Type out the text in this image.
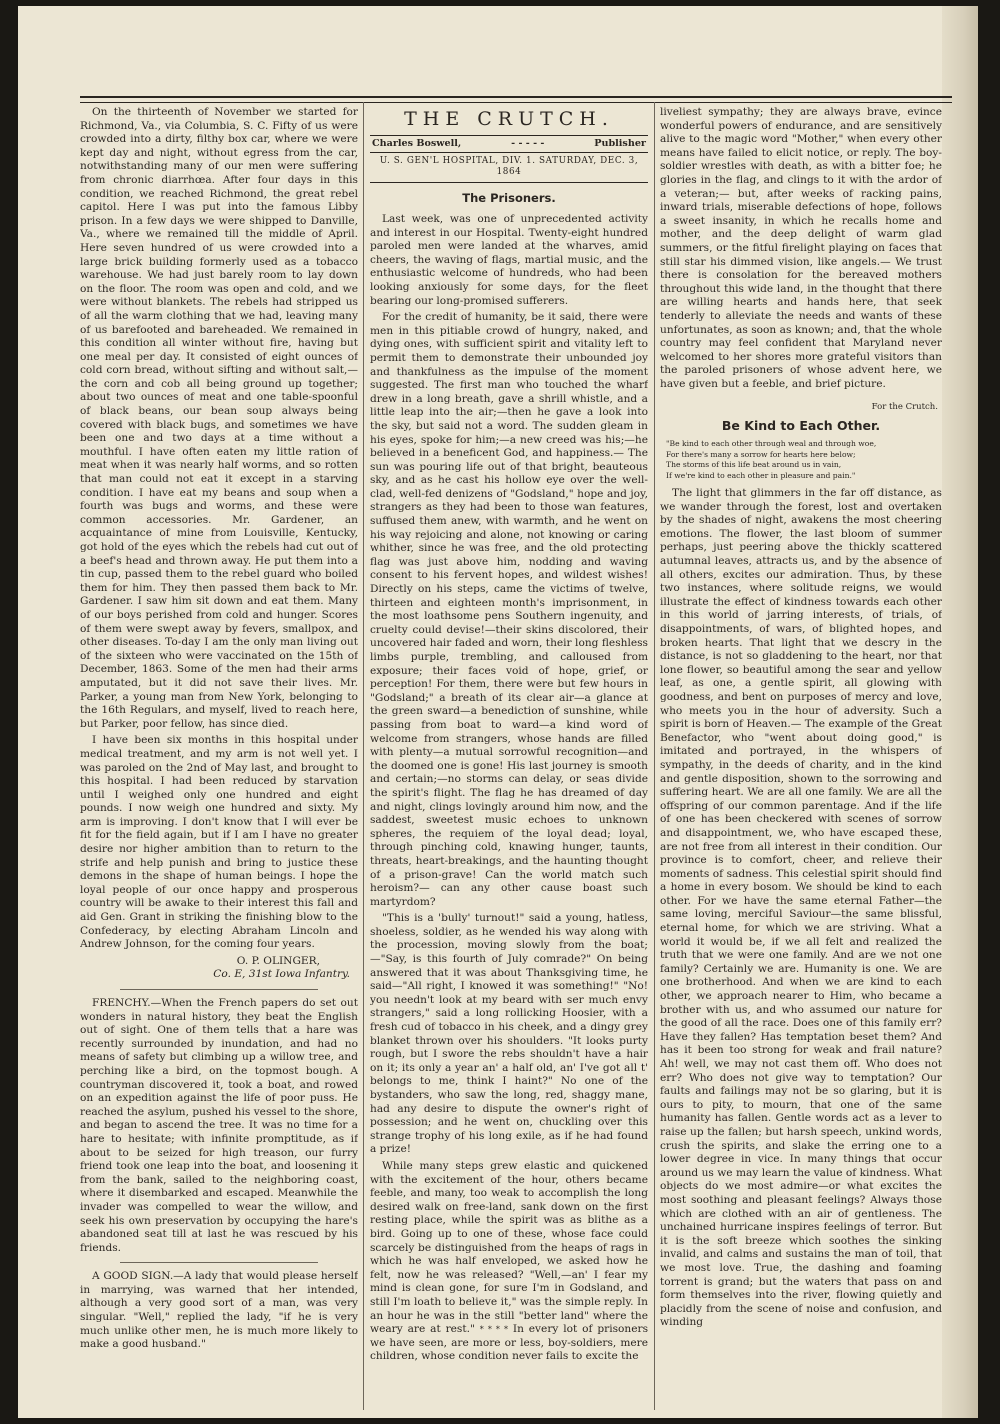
On the thirteenth of November we started for Richmond, Va., via Columbia, S. C. Fifty of us were crowded into a dirty, filthy box car, where we were kept day and night, without egress from the car, notwithstanding many of our men were suffering from chronic diarrhœa. After four days in this condition, we reached Richmond, the great rebel capitol. Here I was put into the famous Libby prison. In a few days we were shipped to Danville, Va., where we remained till the middle of April. Here seven hundred of us were crowded into a large brick building formerly used as a tobacco warehouse. We had just barely room to lay down on the floor. The room was open and cold, and we were without blankets. The rebels had stripped us of all the warm clothing that we had, leaving many of us barefooted and bareheaded. We remained in this condition all winter without fire, having but one meal per day. It consisted of eight ounces of cold corn bread, without sifting and without salt,—the corn and cob all being ground up together; about two ounces of meat and one table-spoonful of black beans, our bean soup always being covered with black bugs, and sometimes we have been one and two days at a time without a mouthful. I have often eaten my little ration of meat when it was nearly half worms, and so rotten that man could not eat it except in a starving condition. I have eat my beans and soup when a fourth was bugs and worms, and these were common accessories. Mr. Gardener, an acquaintance of mine from Louisville, Kentucky, got hold of the eyes which the rebels had cut out of a beef's head and thrown away. He put them into a tin cup, passed them to the rebel guard who boiled them for him. They then passed them back to Mr. Gardener. I saw him sit down and eat them. Many of our boys perished from cold and hunger. Scores of them were swept away by fevers, smallpox, and other diseases. To-day I am the only man living out of the sixteen who were vaccinated on the 15th of December, 1863. Some of the men had their arms amputated, but it did not save their lives. Mr. Parker, a young man from New York, belonging to the 16th Regulars, and myself, lived to reach here, but Parker, poor fellow, has since died.

I have been six months in this hospital under medical treatment, and my arm is not well yet. I was paroled on the 2nd of May last, and brought to this hospital. I had been reduced by starvation until I weighed only one hundred and eight pounds. I now weigh one hundred and sixty. My arm is improving. I don't know that I will ever be fit for the field again, but if I am I have no greater desire nor higher ambition than to return to the strife and help punish and bring to justice these demons in the shape of human beings. I hope the loyal people of our once happy and prosperous country will be awake to their interest this fall and aid Gen. Grant in striking the finishing blow to the Confederacy, by electing Abraham Lincoln and Andrew Johnson, for the coming four years.

O. P. OLINGER,

Co. E, 31st Iowa Infantry.

FRENCHY.—When the French papers do set out wonders in natural history, they beat the English out of sight. One of them tells that a hare was recently surrounded by inundation, and had no means of safety but climbing up a willow tree, and perching like a bird, on the topmost bough. A countryman discovered it, took a boat, and rowed on an expedition against the life of poor puss. He reached the asylum, pushed his vessel to the shore, and began to ascend the tree. It was no time for a hare to hesitate; with infinite promptitude, as if about to be seized for high treason, our furry friend took one leap into the boat, and loosening it from the bank, sailed to the neighboring coast, where it disembarked and escaped. Meanwhile the invader was compelled to wear the willow, and seek his own preservation by occupying the hare's abandoned seat till at last he was rescued by his friends.

A GOOD SIGN.—A lady that would please herself in marrying, was warned that her intended, although a very good sort of a man, was very singular. "Well," replied the lady, "if he is very much unlike other men, he is much more likely to make a good husband."

THE CRUTCH.
Charles Boswell,	- - - - -	Publisher
U. S. GEN'L HOSPITAL, DIV. 1. SATURDAY, DEC. 3, 1864
The Prisoners.

Last week, was one of unprecedented activity and interest in our Hospital. Twenty-eight hundred paroled men were landed at the wharves, amid cheers, the waving of flags, martial music, and the enthusiastic welcome of hundreds, who had been looking anxiously for some days, for the fleet bearing our long-promised sufferers.

For the credit of humanity, be it said, there were men in this pitiable crowd of hungry, naked, and dying ones, with sufficient spirit and vitality left to permit them to demonstrate their unbounded joy and thankfulness as the impulse of the moment suggested. The first man who touched the wharf drew in a long breath, gave a shrill whistle, and a little leap into the air;—then he gave a look into the sky, but said not a word. The sudden gleam in his eyes, spoke for him;—a new creed was his;—he believed in a beneficent God, and happiness.— The sun was pouring life out of that bright, beauteous sky, and as he cast his hollow eye over the well-clad, well-fed denizens of "Godsland," hope and joy, strangers as they had been to those wan features, suffused them anew, with warmth, and he went on his way rejoicing and alone, not knowing or caring whither, since he was free, and the old protecting flag was just above him, nodding and waving consent to his fervent hopes, and wildest wishes! Directly on his steps, came the victims of twelve, thirteen and eighteen month's imprisonment, in the most loathsome pens Southern ingenuity, and cruelty could devise!—their skins discolored, their uncovered hair faded and worn, their long fleshless limbs purple, trembling, and calloused from exposure; their faces void of hope, grief, or perception! For them, there were but few hours in "Godsland;" a breath of its clear air—a glance at the green sward—a benediction of sunshine, while passing from boat to ward—a kind word of welcome from strangers, whose hands are filled with plenty—a mutual sorrowful recognition—and the doomed one is gone! His last journey is smooth and certain;—no storms can delay, or seas divide the spirit's flight. The flag he has dreamed of day and night, clings lovingly around him now, and the saddest, sweetest music echoes to unknown spheres, the requiem of the loyal dead; loyal, through pinching cold, knawing hunger, taunts, threats, heart-breakings, and the haunting thought of a prison-grave! Can the world match such heroism?— can any other cause boast such martyrdom?

"This is a 'bully' turnout!" said a young, hatless, shoeless, soldier, as he wended his way along with the procession, moving slowly from the boat;—"Say, is this fourth of July comrade?" On being answered that it was about Thanksgiving time, he said—"All right, I knowed it was something!" "No! you needn't look at my beard with ser much envy strangers," said a long rollicking Hoosier, with a fresh cud of tobacco in his cheek, and a dingy grey blanket thrown over his shoulders. "It looks purty rough, but I swore the rebs shouldn't have a hair on it; its only a year an' a half old, an' I've got all t' belongs to me, think I haint?" No one of the bystanders, who saw the long, red, shaggy mane, had any desire to dispute the owner's right of possession; and he went on, chuckling over this strange trophy of his long exile, as if he had found a prize!

While many steps grew elastic and quickened with the excitement of the hour, others became feeble, and many, too weak to accomplish the long desired walk on free-land, sank down on the first resting place, while the spirit was as blithe as a bird. Going up to one of these, whose face could scarcely be distinguished from the heaps of rags in which he was half enveloped, we asked how he felt, now he was released? "Well,—an' I fear my mind is clean gone, for sure I'm in Godsland, and still I'm loath to believe it," was the simple reply. In an hour he was in the still "better land" where the weary are at rest." * * * * In every lot of prisoners we have seen, are more or less, boy-soldiers, mere children, whose condition never fails to excite the

liveliest sympathy; they are always brave, evince wonderful powers of endurance, and are sensitively alive to the magic word "Mother," when every other means have failed to elicit notice, or reply. The boy-soldier wrestles with death, as with a bitter foe; he glories in the flag, and clings to it with the ardor of a veteran;— but, after weeks of racking pains, inward trials, miserable defections of hope, follows a sweet insanity, in which he recalls home and mother, and the deep delight of warm glad summers, or the fitful firelight playing on faces that still star his dimmed vision, like angels.— We trust there is consolation for the bereaved mothers throughout this wide land, in the thought that there are willing hearts and hands here, that seek tenderly to alleviate the needs and wants of these unfortunates, as soon as known; and, that the whole country may feel confident that Maryland never welcomed to her shores more grateful visitors than the paroled prisoners of whose advent here, we have given but a feeble, and brief picture.

For the Crutch.

Be Kind to Each Other.
"Be kind to each other through weal and through woe,
For there's many a sorrow for hearts here below;
The storms of this life beat around us in vain,
If we're kind to each other in pleasure and pain."

The light that glimmers in the far off distance, as we wander through the forest, lost and overtaken by the shades of night, awakens the most cheering emotions. The flower, the last bloom of summer perhaps, just peering above the thickly scattered autumnal leaves, attracts us, and by the absence of all others, excites our admiration. Thus, by these two instances, where solitude reigns, we would illustrate the effect of kindness towards each other in this world of jarring interests, of trials, of disappointments, of wars, of blighted hopes, and broken hearts. That light that we descry in the distance, is not so gladdening to the heart, nor that lone flower, so beautiful among the sear and yellow leaf, as one, a gentle spirit, all glowing with goodness, and bent on purposes of mercy and love, who meets you in the hour of adversity. Such a spirit is born of Heaven.— The example of the Great Benefactor, who "went about doing good," is imitated and portrayed, in the whispers of sympathy, in the deeds of charity, and in the kind and gentle disposition, shown to the sorrowing and suffering heart. We are all one family. We are all the offspring of our common parentage. And if the life of one has been checkered with scenes of sorrow and disappointment, we, who have escaped these, are not free from all interest in their condition. Our province is to comfort, cheer, and relieve their moments of sadness. This celestial spirit should find a home in every bosom. We should be kind to each other. For we have the same eternal Father—the same loving, merciful Saviour—the same blissful, eternal home, for which we are striving. What a world it would be, if we all felt and realized the truth that we were one family. And are we not one family? Certainly we are. Humanity is one. We are one brotherhood. And when we are kind to each other, we approach nearer to Him, who became a brother with us, and who assumed our nature for the good of all the race. Does one of this family err? Have they fallen? Has temptation beset them? And has it been too strong for weak and frail nature? Ah! well, we may not cast them off. Who does not err? Who does not give way to temptation? Our faults and failings may not be so glaring, but it is ours to pity, to mourn, that one of the same humanity has fallen. Gentle words act as a lever to raise up the fallen; but harsh speech, unkind words, crush the spirits, and slake the erring one to a lower degree in vice. In many things that occur around us we may learn the value of kindness. What objects do we most admire—or what excites the most soothing and pleasant feelings? Always those which are clothed with an air of gentleness. The unchained hurricane inspires feelings of terror. But it is the soft breeze which soothes the sinking invalid, and calms and sustains the man of toil, that we most love. True, the dashing and foaming torrent is grand; but the waters that pass on and form themselves into the river, flowing quietly and placidly from the scene of noise and confusion, and winding
